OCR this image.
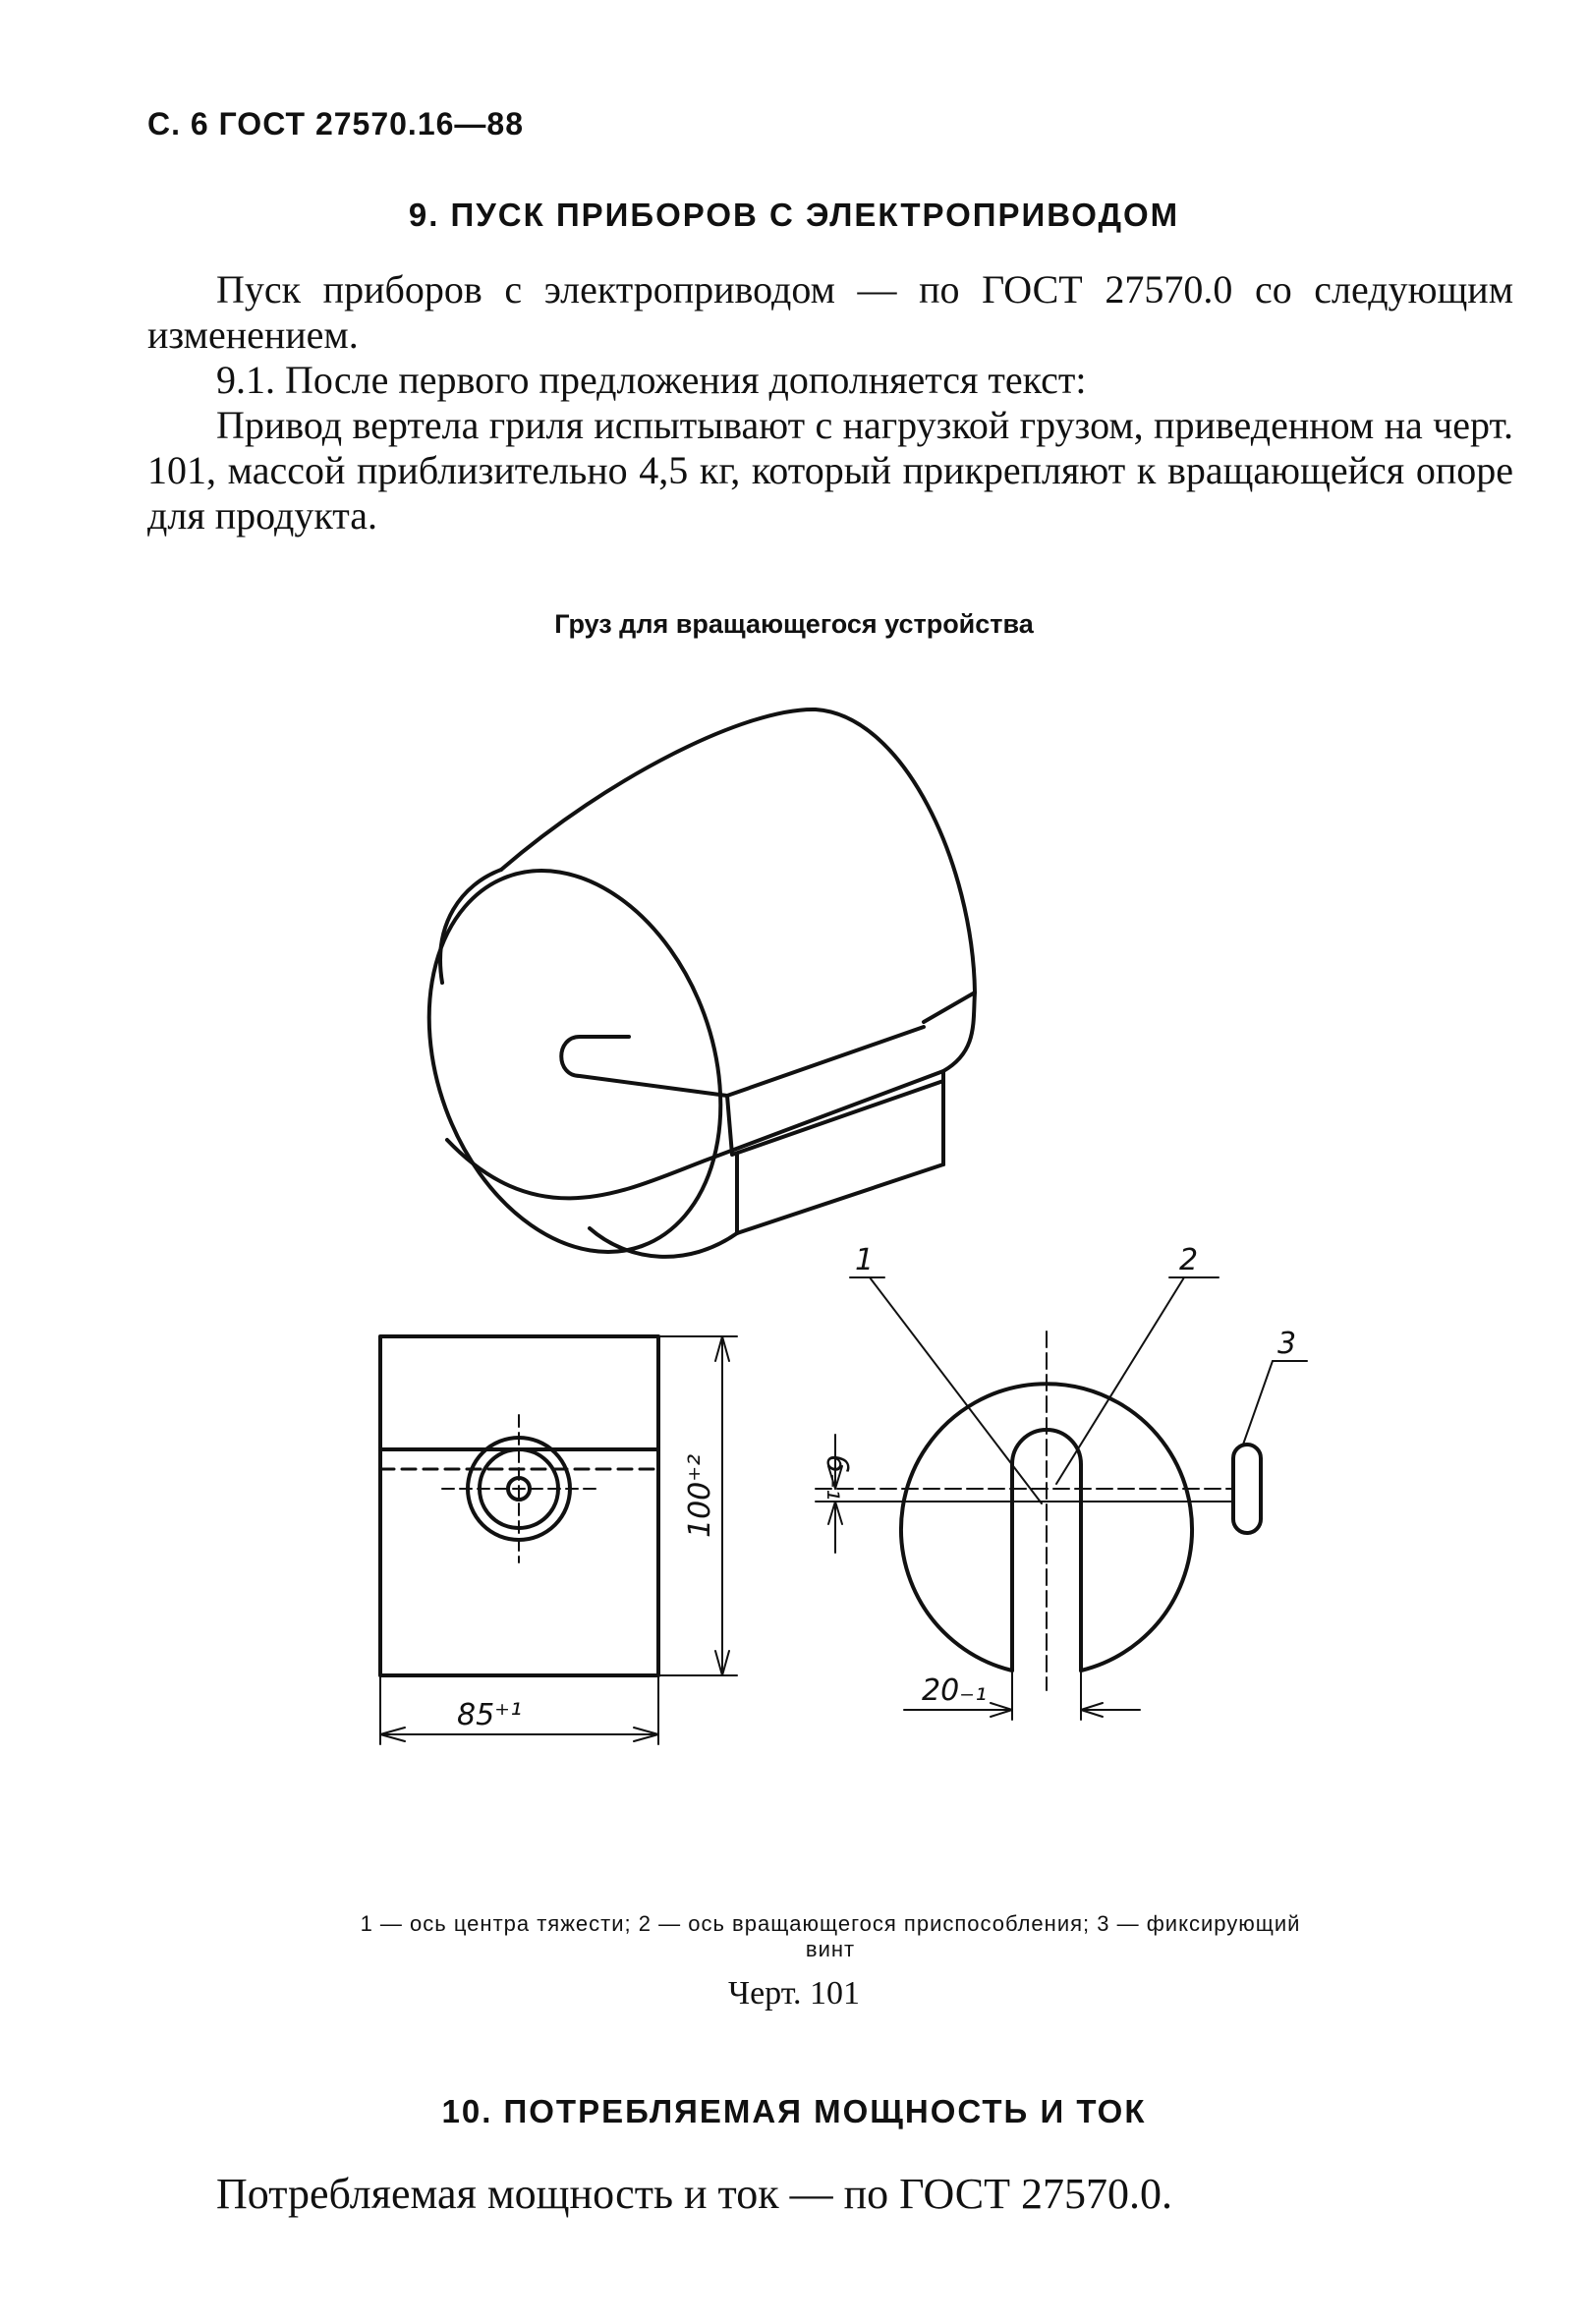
С. 6 ГОСТ 27570.16—88
9. ПУСК ПРИБОРОВ С ЭЛЕКТРОПРИВОДОМ
Пуск приборов с электроприводом — по ГОСТ 27570.0 со следующим изменением.
9.1. После первого предложения дополняется текст:
Привод вертела гриля испытывают с нагрузкой грузом, приведенном на черт. 101, массой приблизительно 4,5 кг, который прикрепляют к вращающейся опоре для продукта.
Груз для вращающегося устройства
85⁺¹
100⁺²
20₋₁
6₋₁
1	2
3
1 — ось центра тяжести; 2 — ось вращающегося приспособления; 3 — фиксирующий винт
Черт. 101
10. ПОТРЕБЛЯЕМАЯ МОЩНОСТЬ И ТОК
Потребляемая мощность и ток — по ГОСТ 27570.0.
